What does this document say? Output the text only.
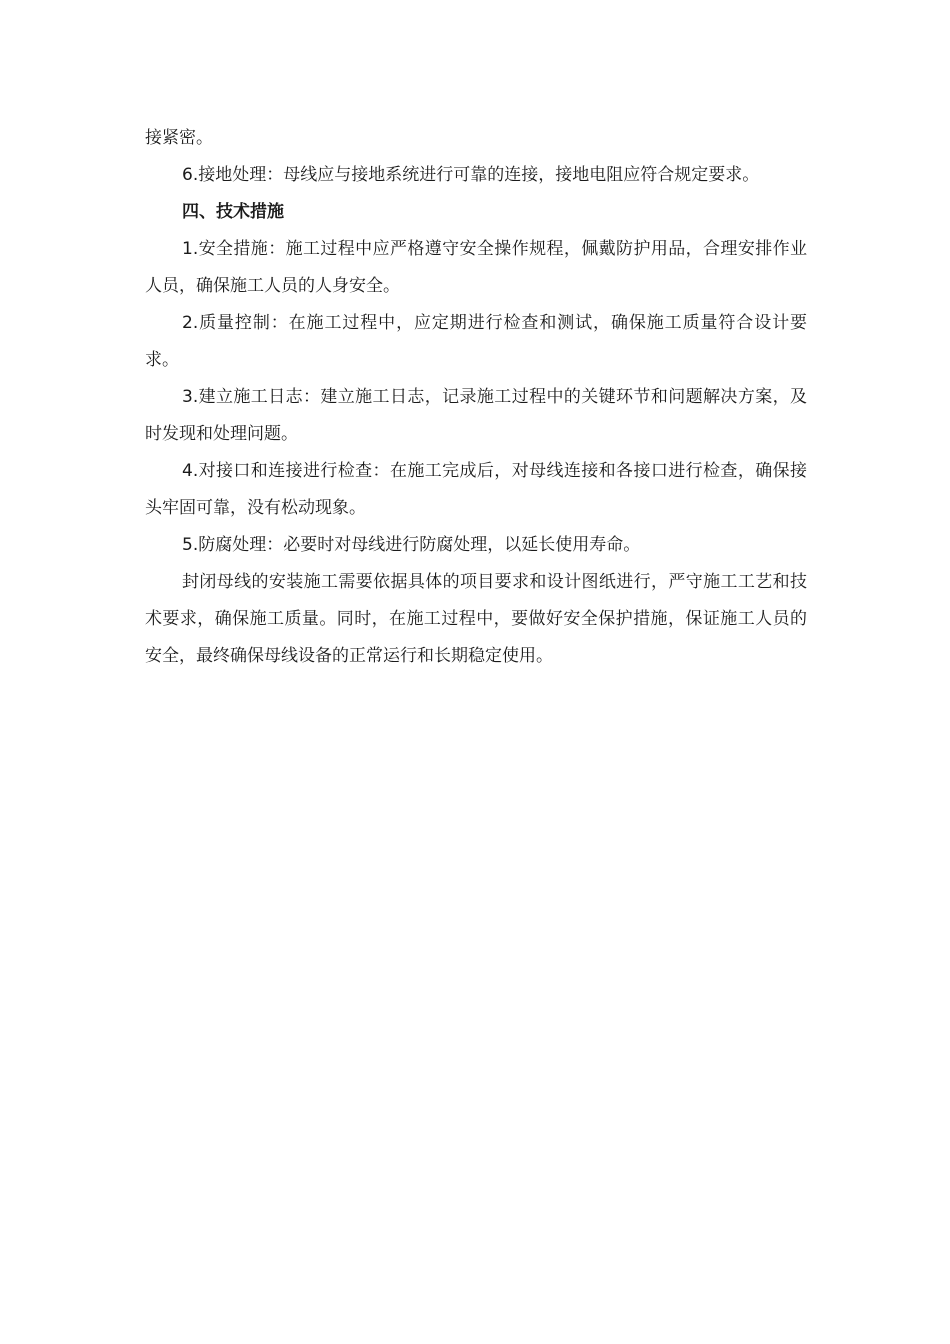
接紧密。

6.接地处理：母线应与接地系统进行可靠的连接，接地电阻应符合规定要求。

四、技术措施

1.安全措施：施工过程中应严格遵守安全操作规程，佩戴防护用品，合理安排作业人员，确保施工人员的人身安全。

2.质量控制：在施工过程中，应定期进行检查和测试，确保施工质量符合设计要求。

3.建立施工日志：建立施工日志，记录施工过程中的关键环节和问题解决方案，及时发现和处理问题。

4.对接口和连接进行检查：在施工完成后，对母线连接和各接口进行检查，确保接头牢固可靠，没有松动现象。

5.防腐处理：必要时对母线进行防腐处理，以延长使用寿命。

封闭母线的安装施工需要依据具体的项目要求和设计图纸进行，严守施工工艺和技术要求，确保施工质量。同时，在施工过程中，要做好安全保护措施，保证施工人员的安全，最终确保母线设备的正常运行和长期稳定使用。
